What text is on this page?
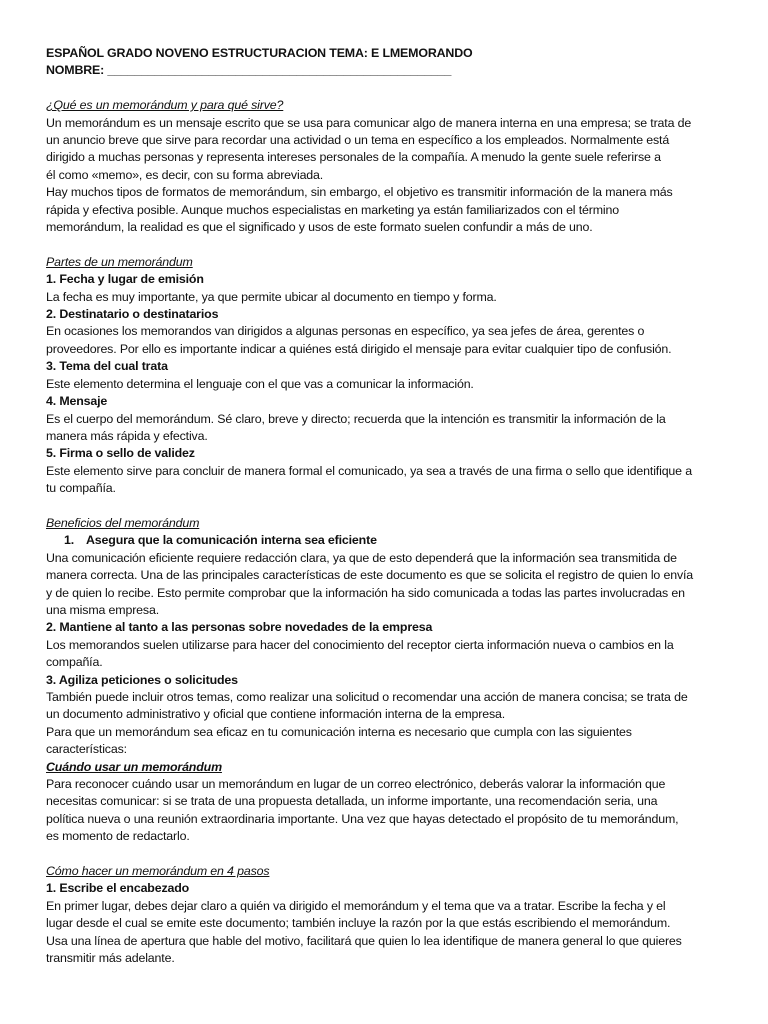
ESPAÑOL GRADO NOVENO ESTRUCTURACION TEMA: E LMEMORANDO
NOMBRE: ___________________________________________________
¿Qué es un memorándum y para qué sirve?
Un memorándum es un mensaje escrito que se usa para comunicar algo de manera interna en una empresa; se trata de
un anuncio breve que sirve para recordar una actividad o un tema en específico a los empleados. Normalmente está
dirigido a muchas personas y representa intereses personales de la compañía. A menudo la gente suele referirse a
él como «memo», es decir, con su forma abreviada.
Hay muchos tipos de formatos de memorándum, sin embargo, el objetivo es transmitir información de la manera más
rápida y efectiva posible. Aunque muchos especialistas en marketing ya están familiarizados con el término
memorándum, la realidad es que el significado y usos de este formato suelen confundir a más de uno.
Partes de un memorándum
1. Fecha y lugar de emisión
La fecha es muy importante, ya que permite ubicar al documento en tiempo y forma.
2. Destinatario o destinatarios
En ocasiones los memorandos van dirigidos a algunas personas en específico, ya sea jefes de área, gerentes o
proveedores. Por ello es importante indicar a quiénes está dirigido el mensaje para evitar cualquier tipo de confusión.
3. Tema del cual trata
Este elemento determina el lenguaje con el que vas a comunicar la información.
4. Mensaje
Es el cuerpo del memorándum. Sé claro, breve y directo; recuerda que la intención es transmitir la información de la
manera más rápida y efectiva.
5. Firma o sello de validez
Este elemento sirve para concluir de manera formal el comunicado, ya sea a través de una firma o sello que identifique a
tu compañía.
Beneficios del memorándum
1. Asegura que la comunicación interna sea eficiente
Una comunicación eficiente requiere redacción clara, ya que de esto dependerá que la información sea transmitida de
manera correcta. Una de las principales características de este documento es que se solicita el registro de quien lo envía
y de quien lo recibe. Esto permite comprobar que la información ha sido comunicada a todas las partes involucradas en
una misma empresa.
2. Mantiene al tanto a las personas sobre novedades de la empresa
Los memorandos suelen utilizarse para hacer del conocimiento del receptor cierta información nueva o cambios en la
compañía.
3. Agiliza peticiones o solicitudes
También puede incluir otros temas, como realizar una solicitud o recomendar una acción de manera concisa; se trata de
un documento administrativo y oficial que contiene información interna de la empresa.
Para que un memorándum sea eficaz en tu comunicación interna es necesario que cumpla con las siguientes
características:
Cuándo usar un memorándum
Para reconocer cuándo usar un memorándum en lugar de un correo electrónico, deberás valorar la información que
necesitas comunicar: si se trata de una propuesta detallada, un informe importante, una recomendación seria, una
política nueva o una reunión extraordinaria importante. Una vez que hayas detectado el propósito de tu memorándum,
es momento de redactarlo.
Cómo hacer un memorándum en 4 pasos
1. Escribe el encabezado
En primer lugar, debes dejar claro a quién va dirigido el memorándum y el tema que va a tratar. Escribe la fecha y el
lugar desde el cual se emite este documento; también incluye la razón por la que estás escribiendo el memorándum.
Usa una línea de apertura que hable del motivo, facilitará que quien lo lea identifique de manera general lo que quieres
transmitir más adelante.
